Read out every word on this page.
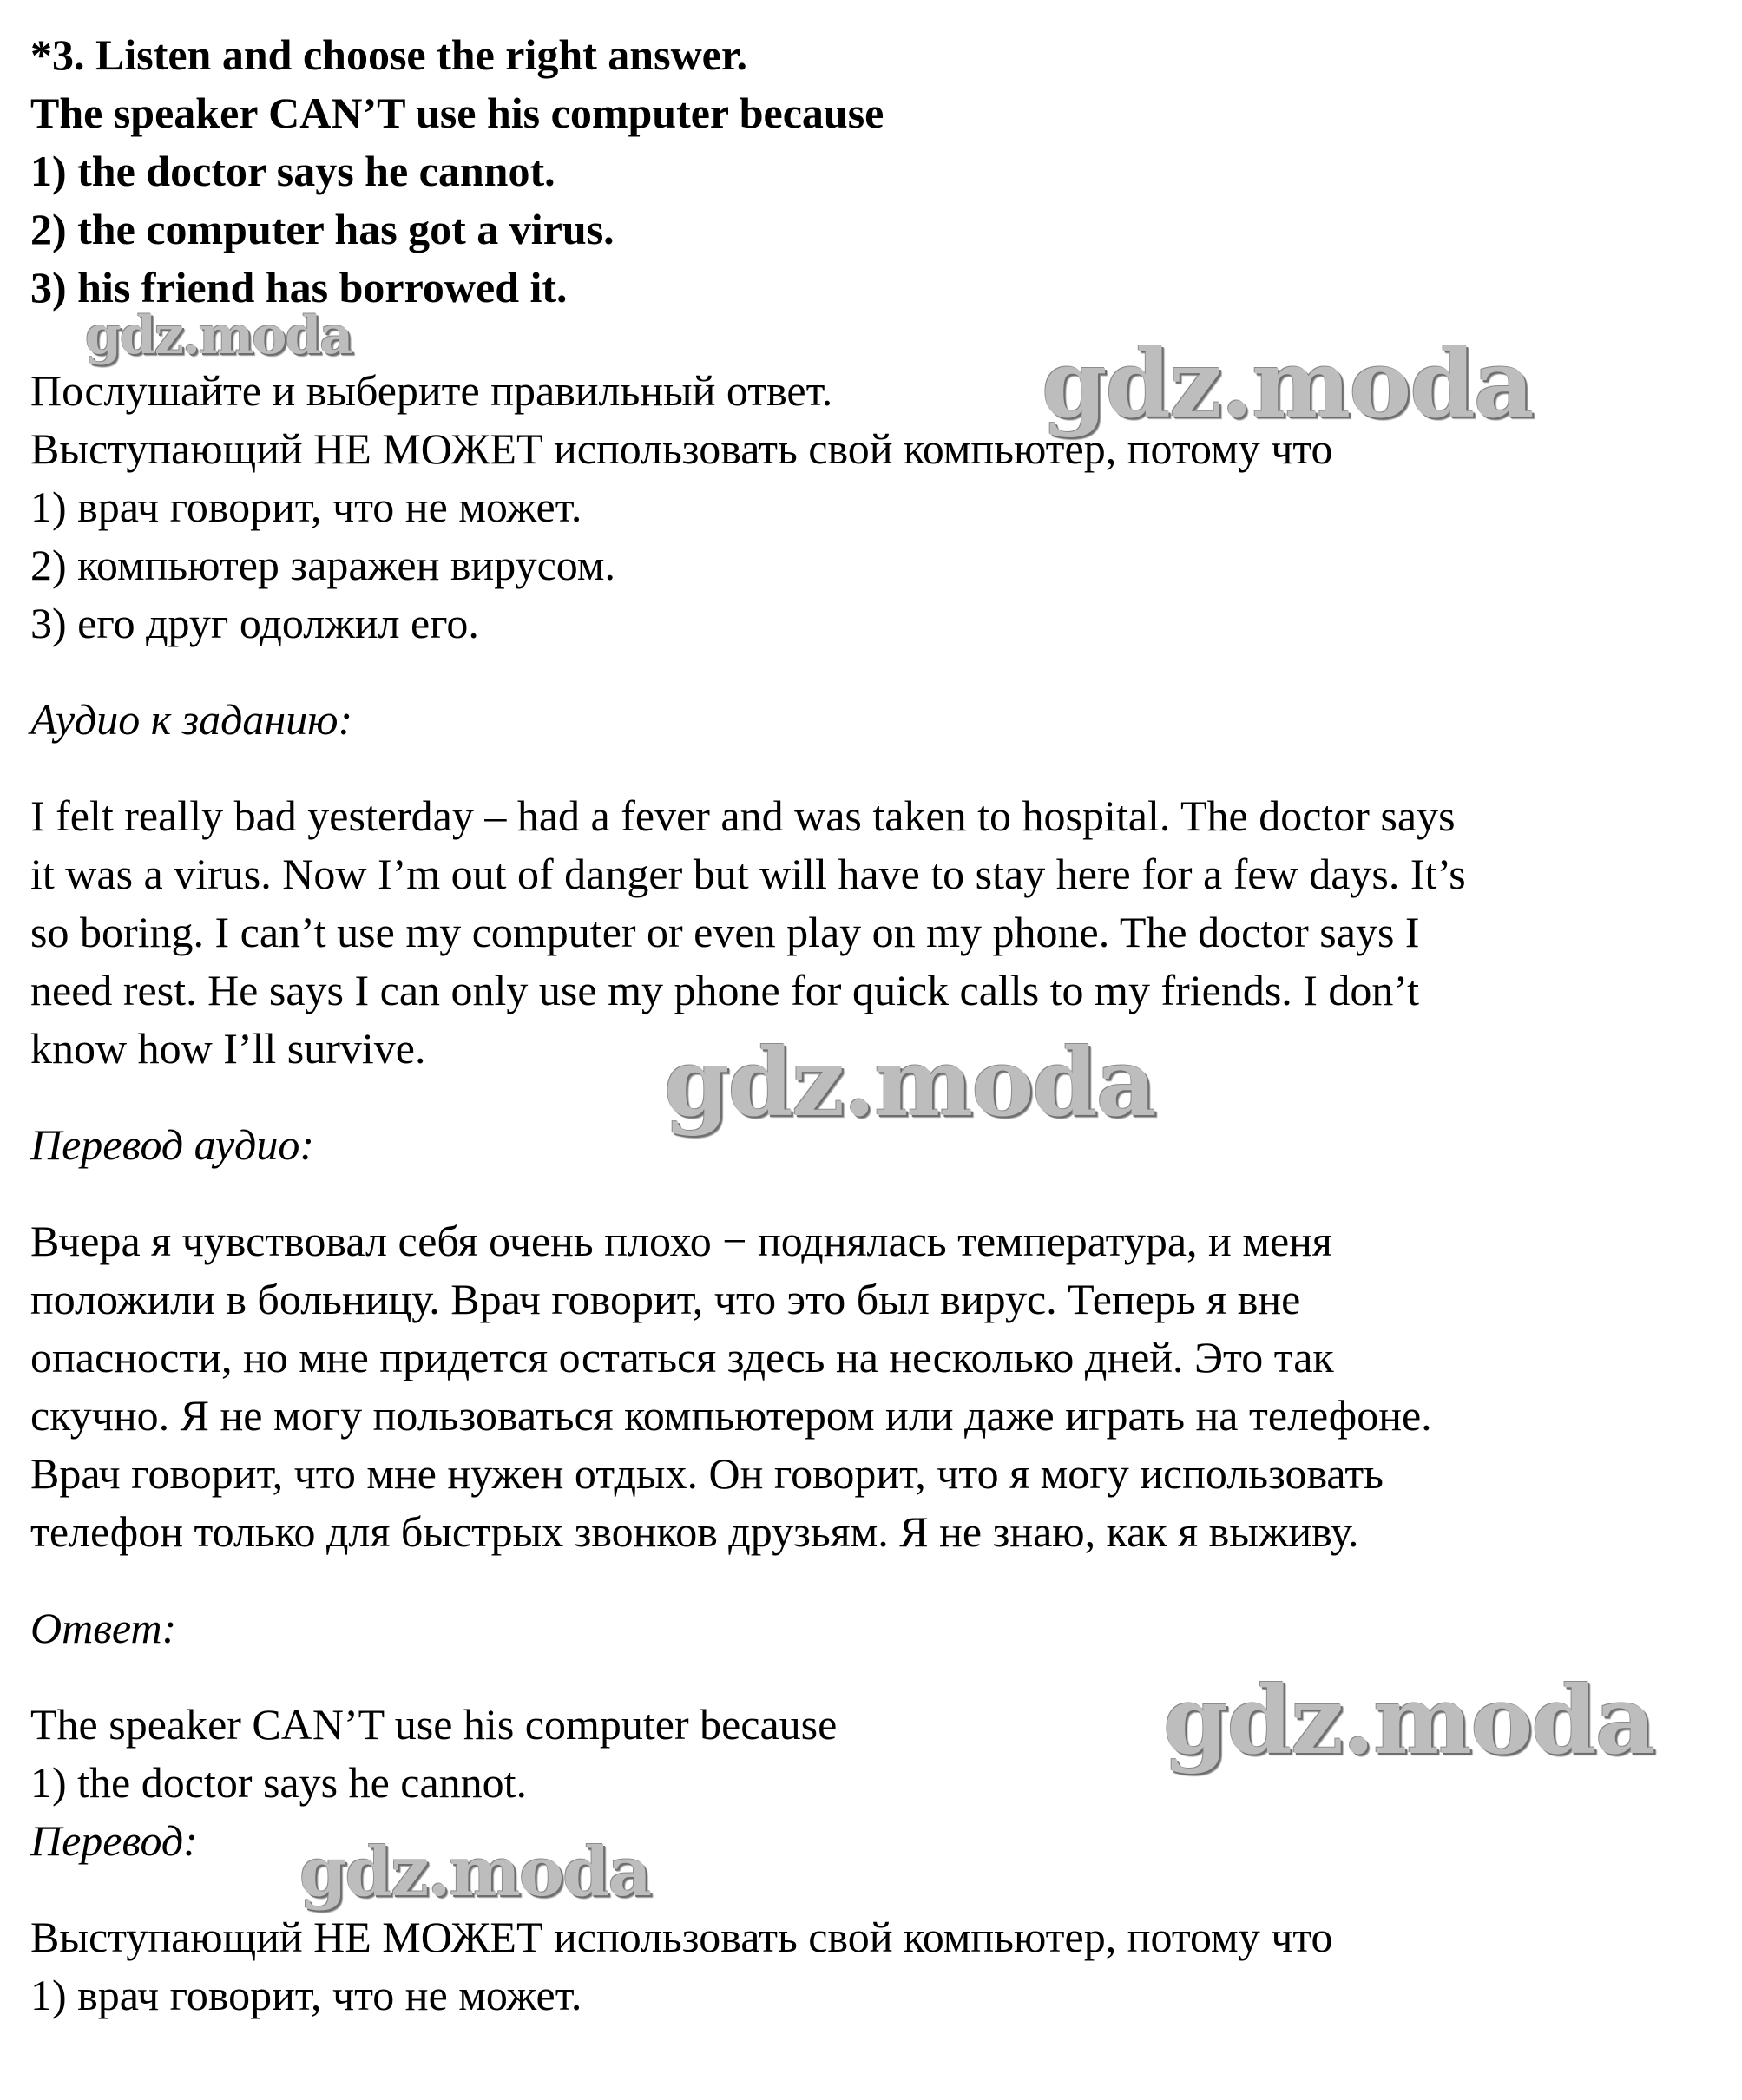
*3. Listen and choose the right answer.
The speaker CAN’T use his computer because
1) the doctor says he cannot.
2) the computer has got a virus.
3) his friend has borrowed it.
Послушайте и выберите правильный ответ.
Выступающий НЕ МОЖЕТ использовать свой компьютер, потому что
1) врач говорит, что не может.
2) компьютер заражен вирусом.
3) его друг одолжил его.
Аудио к заданию:
I felt really bad yesterday – had a fever and was taken to hospital. The doctor says
it was a virus. Now I’m out of danger but will have to stay here for a few days. It’s
so boring. I can’t use my computer or even play on my phone. The doctor says I
need rest. He says I can only use my phone for quick calls to my friends. I don’t
know how I’ll survive.
Перевод аудио:
Вчера я чувствовал себя очень плохо − поднялась температура, и меня
положили в больницу. Врач говорит, что это был вирус. Теперь я вне
опасности, но мне придется остаться здесь на несколько дней. Это так
скучно. Я не могу пользоваться компьютером или даже играть на телефоне.
Врач говорит, что мне нужен отдых. Он говорит, что я могу использовать
телефон только для быстрых звонков друзьям. Я не знаю, как я выживу.
Ответ:
The speaker CAN’T use his computer because
1) the doctor says he cannot.
Перевод:
Выступающий НЕ МОЖЕТ использовать свой компьютер, потому что
1) врач говорит, что не может.
gdz.moda	gdz.moda
gdz.moda
gdz.moda
gdz.moda
